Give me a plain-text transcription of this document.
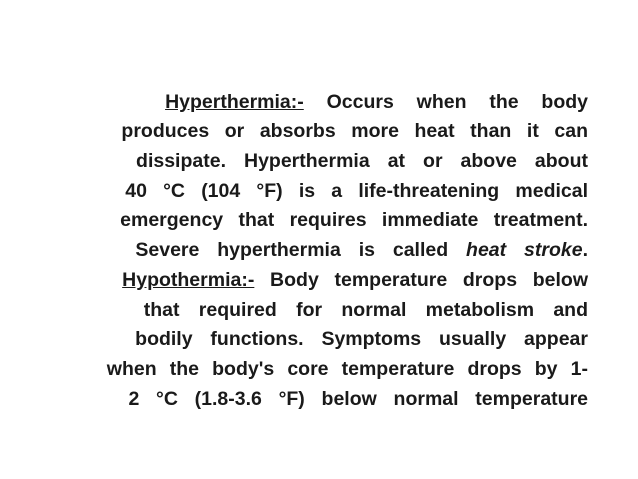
Hyperthermia:- Occurs when the body

produces or absorbs more heat than it can

dissipate. Hyperthermia at or above about

40 °C (104 °F) is a life-threatening medical

emergency that requires immediate treatment.

Severe hyperthermia is called heat stroke.

Hypothermia:- Body temperature drops below

that required for normal metabolism and

bodily functions. Symptoms usually appear

when the body's core temperature drops by 1-

2 °C (1.8-3.6 °F) below normal temperature
